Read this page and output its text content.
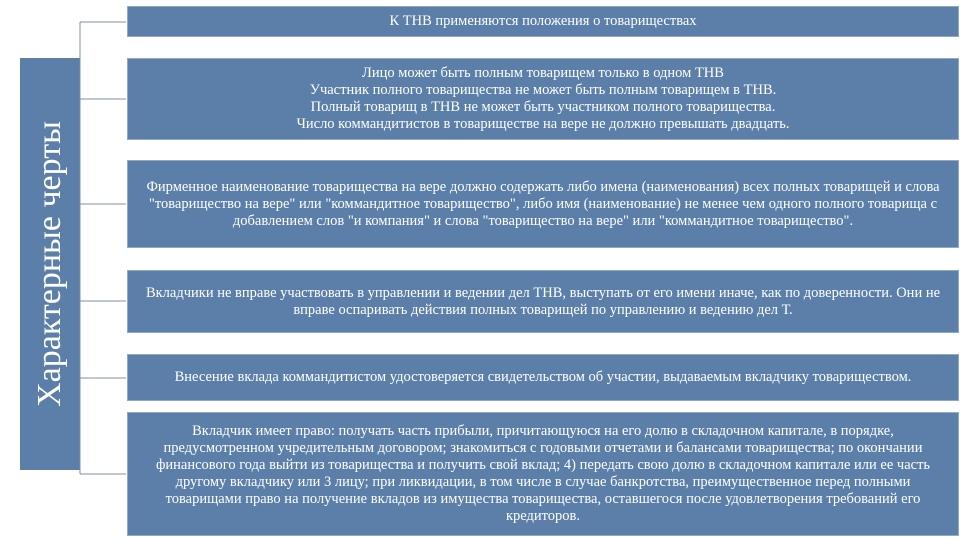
Характерные черты
К ТНВ применяются положения о товариществах
Лицо может быть полным товарищем только в одном ТНВ
Участник полного товарищества не может быть полным товарищем в ТНВ.
Полный товарищ в ТНВ не может быть участником полного товарищества.
Число коммандитистов в товариществе на вере не должно превышать двадцать.
Фирменное наименование товарищества на вере должно содержать либо имена (наименования) всех полных товарищей и слова "товарищество на вере" или "коммандитное товарищество", либо имя (наименование) не менее чем одного полного товарища с добавлением слов "и компания" и слова "товарищество на вере" или "коммандитное товарищество".
Вкладчики не вправе участвовать в управлении и ведении дел ТНВ, выступать от его имени иначе, как по доверенности. Они не вправе оспаривать действия полных товарищей по управлению и ведению дел Т.
Внесение вклада коммандитистом удостоверяется свидетельством об участии, выдаваемым вкладчику товариществом.
Вкладчик имеет право: получать часть прибыли, причитающуюся на его долю в складочном капитале, в порядке, предусмотренном учредительным договором; знакомиться с годовыми отчетами и балансами товарищества; по окончании финансового года выйти из товарищества и получить свой вклад; 4) передать свою долю в складочном капитале или ее часть другому вкладчику или 3 лицу; при ликвидации, в том числе в случае банкротства, преимущественное перед полными товарищами право на получение вкладов из имущества товарищества, оставшегося после удовлетворения требований его кредиторов.
